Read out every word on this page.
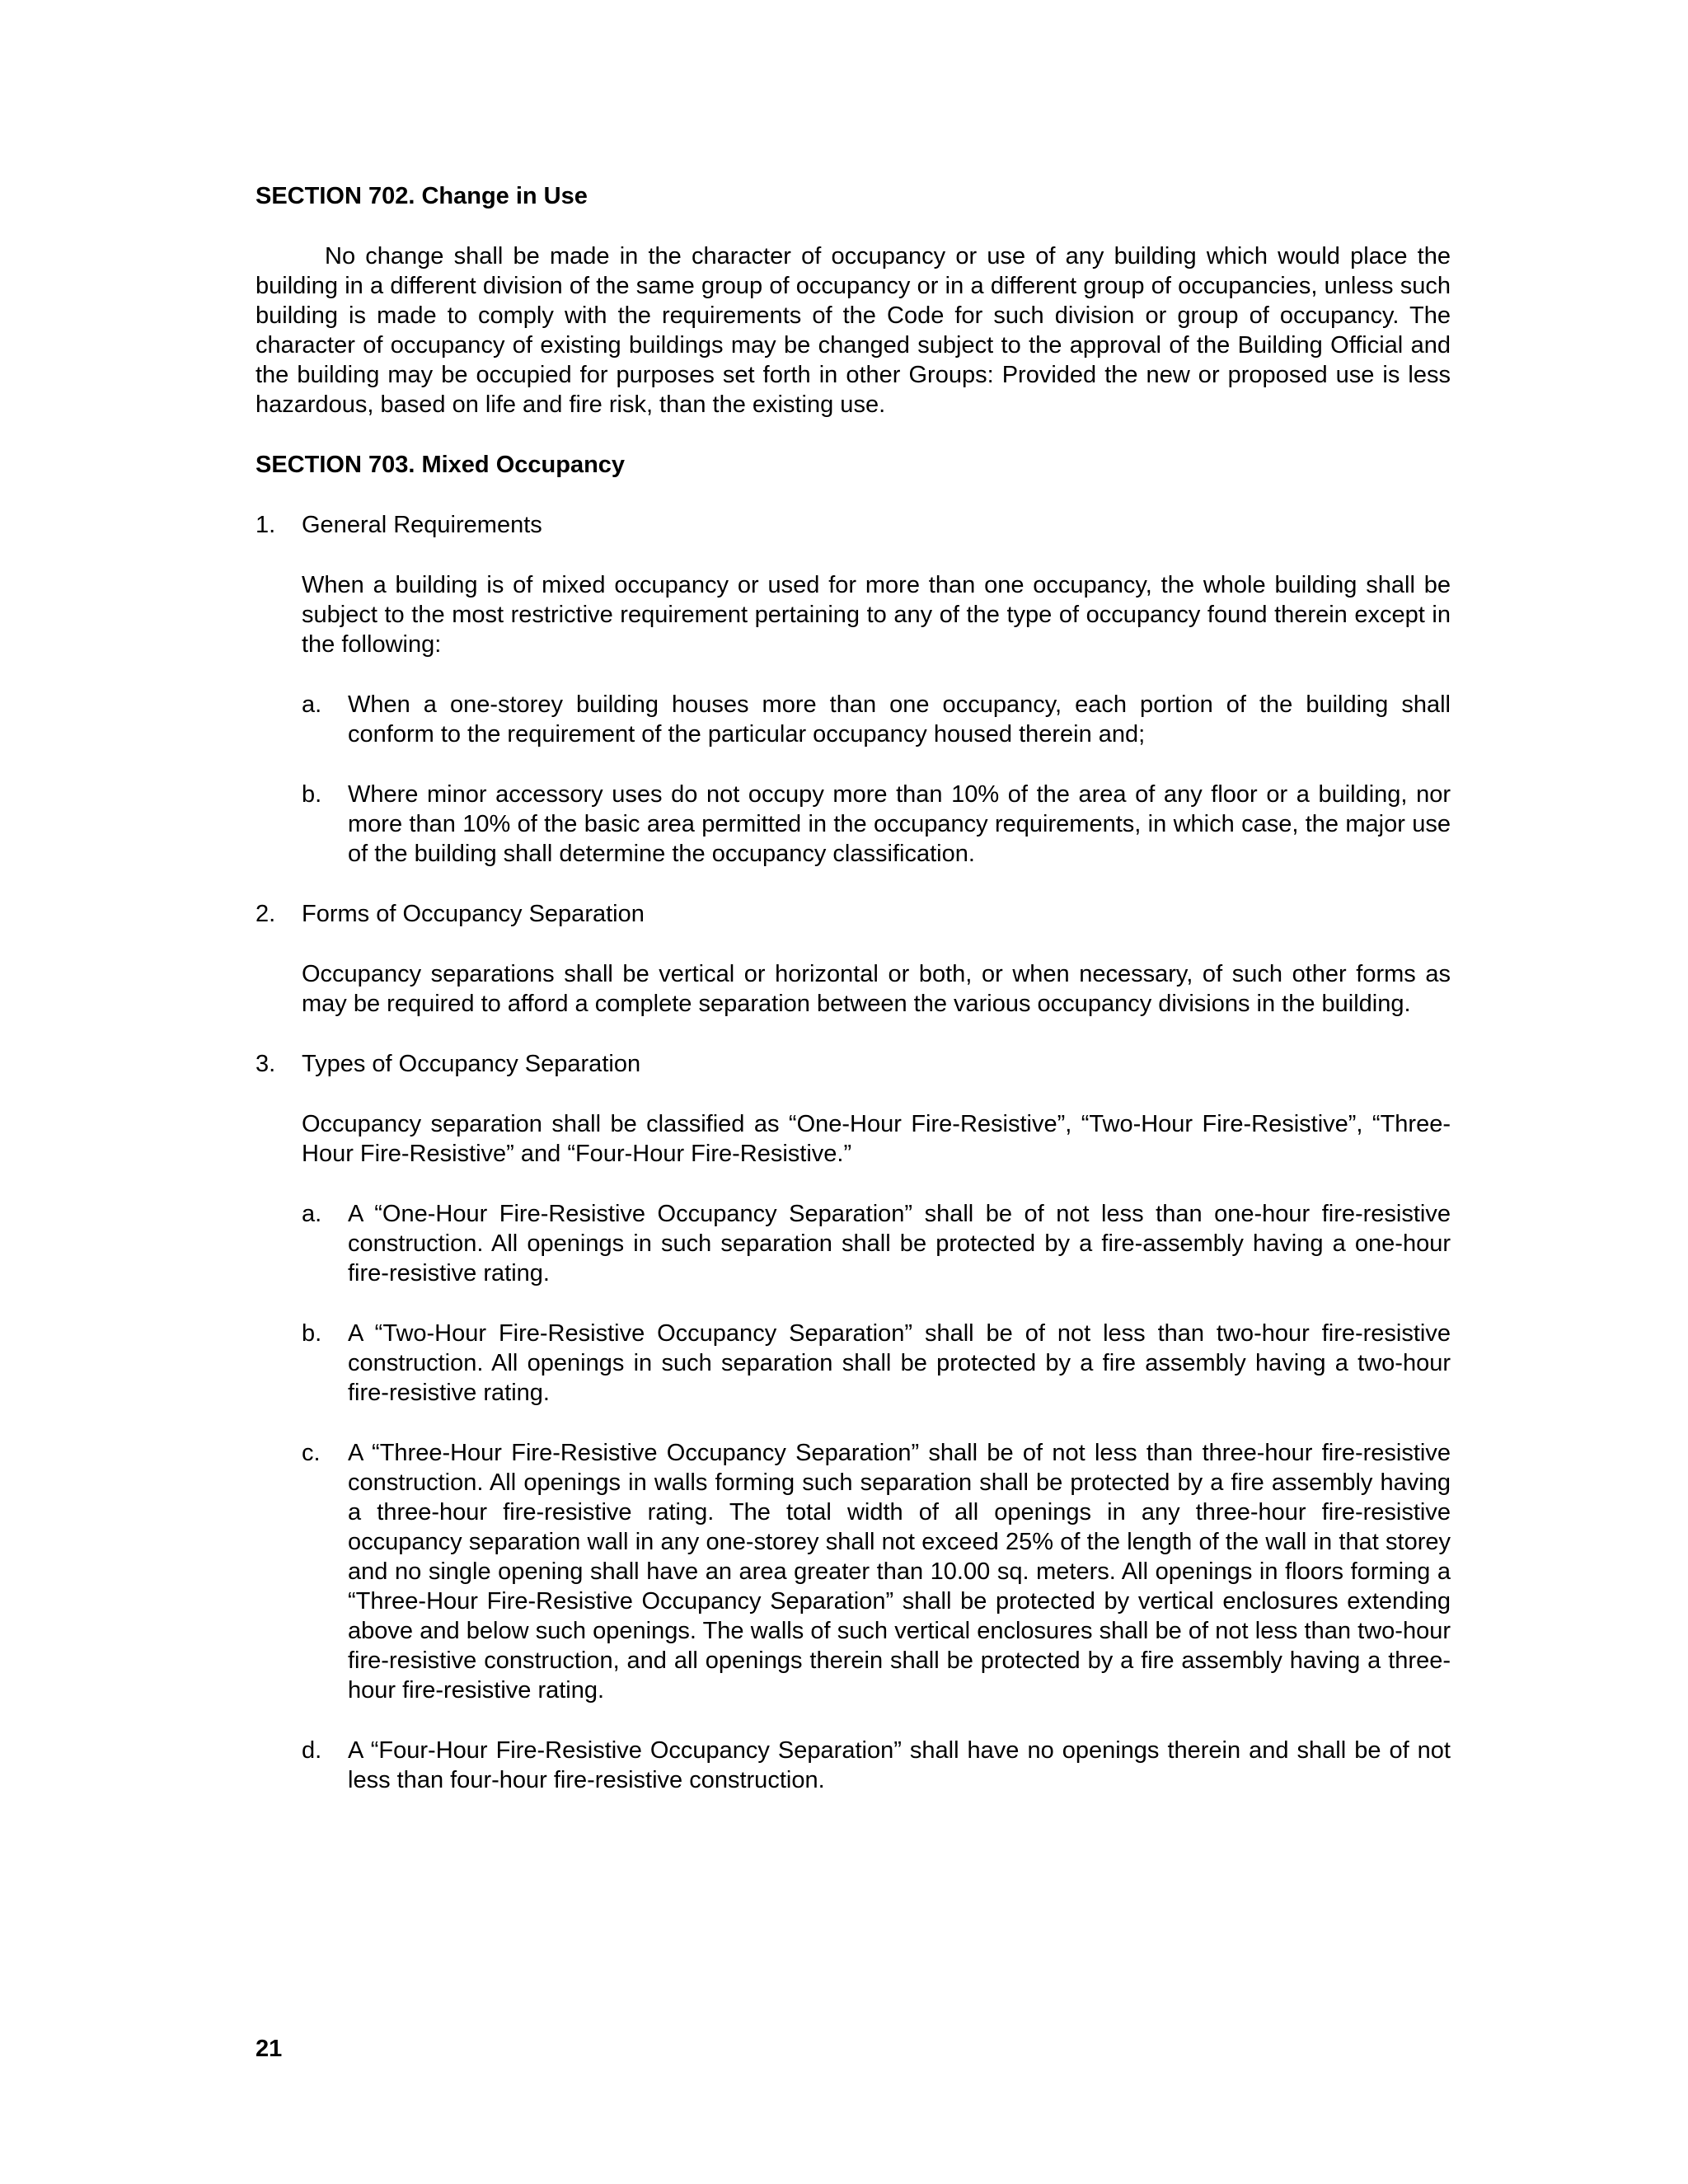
SECTION 702. Change in Use

No change shall be made in the character of occupancy or use of any building which would place the building in a different division of the same group of occupancy or in a different group of occupancies, unless such building is made to comply with the requirements of the Code for such division or group of occupancy. The character of occupancy of existing buildings may be changed subject to the approval of the Building Official and the building may be occupied for purposes set forth in other Groups: Provided the new or proposed use is less hazardous, based on life and fire risk, than the existing use.

SECTION 703. Mixed Occupancy

1. General Requirements

When a building is of mixed occupancy or used for more than one occupancy, the whole building shall be subject to the most restrictive requirement pertaining to any of the type of occupancy found therein except in the following:

a. When a one-storey building houses more than one occupancy, each portion of the building shall conform to the requirement of the particular occupancy housed therein and;
b. Where minor accessory uses do not occupy more than 10% of the area of any floor or a building, nor more than 10% of the basic area permitted in the occupancy requirements, in which case, the major use of the building shall determine the occupancy classification.
2. Forms of Occupancy Separation

Occupancy separations shall be vertical or horizontal or both, or when necessary, of such other forms as may be required to afford a complete separation between the various occupancy divisions in the building.

3. Types of Occupancy Separation

Occupancy separation shall be classified as “One-Hour Fire-Resistive”, “Two-Hour Fire-Resistive”, “Three-Hour Fire-Resistive” and “Four-Hour Fire-Resistive.”

a. A “One-Hour Fire-Resistive Occupancy Separation” shall be of not less than one-hour fire-resistive construction. All openings in such separation shall be protected by a fire-assembly having a one-hour fire-resistive rating.
b. A “Two-Hour Fire-Resistive Occupancy Separation” shall be of not less than two-hour fire-resistive construction. All openings in such separation shall be protected by a fire assembly having a two-hour fire-resistive rating.
c. A “Three-Hour Fire-Resistive Occupancy Separation” shall be of not less than three-hour fire-resistive construction. All openings in walls forming such separation shall be protected by a fire assembly having a three-hour fire-resistive rating. The total width of all openings in any three-hour fire-resistive occupancy separation wall in any one-storey shall not exceed 25% of the length of the wall in that storey and no single opening shall have an area greater than 10.00 sq. meters. All openings in floors forming a “Three-Hour Fire-Resistive Occupancy Separation” shall be protected by vertical enclosures extending above and below such openings. The walls of such vertical enclosures shall be of not less than two-hour fire-resistive construction, and all openings therein shall be protected by a fire assembly having a three-hour fire-resistive rating.
d. A “Four-Hour Fire-Resistive Occupancy Separation” shall have no openings therein and shall be of not less than four-hour fire-resistive construction.
21
